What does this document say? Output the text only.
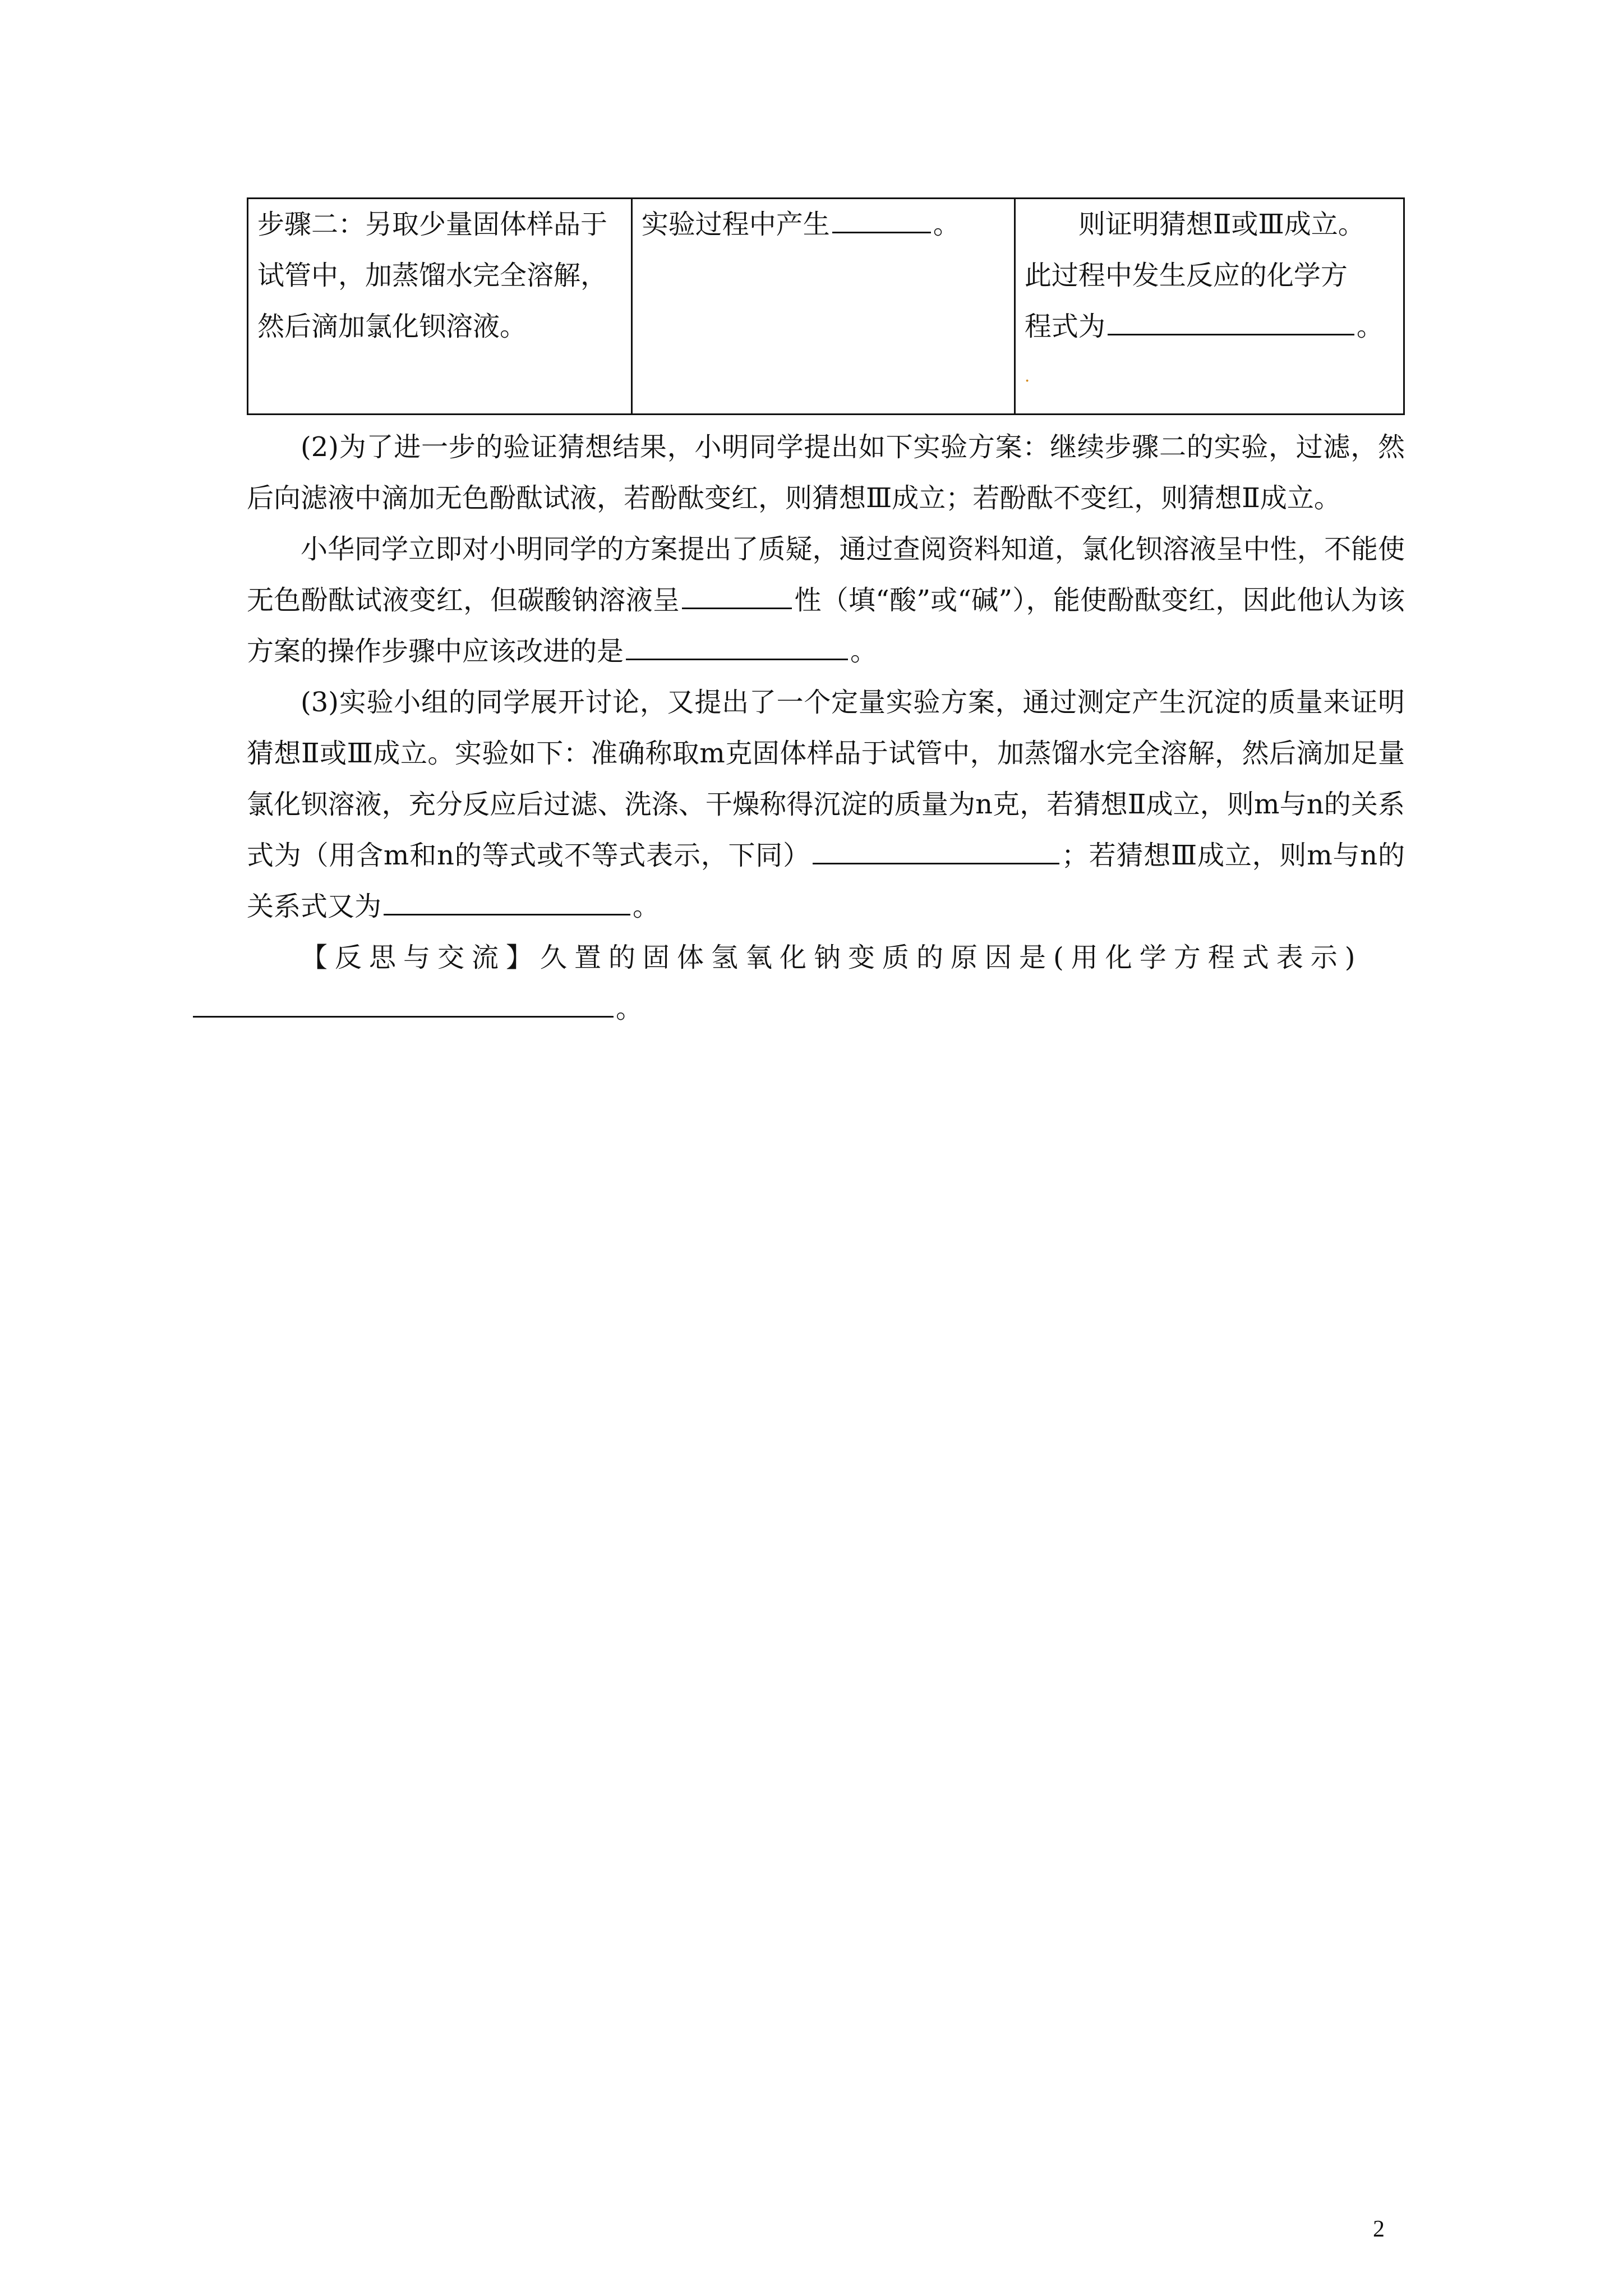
步骤二：另取少量固体样品于试管中，加蒸馏水完全溶解，然后滴加氯化钡溶液。	实验过程中产生	。	则证明猜想Ⅱ或Ⅲ成立。
此过程中发生反应的化学方
程式为	。
·

(2)为了进一步的验证猜想结果，小明同学提出如下实验方案：继续步骤二的实验，过滤，然后向滤液中滴加无色酚酞试液，若酚酞变红，则猜想Ⅲ成立；若酚酞不变红，则猜想Ⅱ成立。

小华同学立即对小明同学的方案提出了质疑，通过查阅资料知道，氯化钡溶液呈中性，不能使无色酚酞试液变红，但碳酸钠溶液呈	性（填“酸”或“碱”），能使酚酞变红，因此他认为该方案的操作步骤中应该改进的是	。

(3)实验小组的同学展开讨论，又提出了一个定量实验方案，通过测定产生沉淀的质量来证明猜想Ⅱ或Ⅲ成立。实验如下：准确称取m克固体样品于试管中，加蒸馏水完全溶解，然后滴加足量氯化钡溶液，充分反应后过滤、洗涤、干燥称得沉淀的质量为n克，若猜想Ⅱ成立，则m与n的关系式为（用含m和n的等式或不等式表示，下同）	；若猜想Ⅲ成立，则m与n的关系式又为	。

【反思与交流】久置的固体氢氧化钠变质的原因是(用化学方程式表示)
。

2
